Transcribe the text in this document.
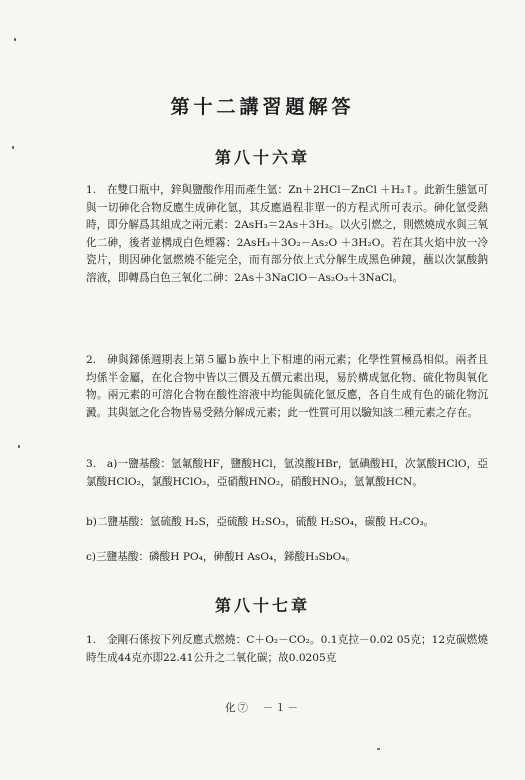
第十二講習題解答
第八十六章

1.　在雙口瓶中，鋅與鹽酸作用而產生氫：Zn＋2HCl－ZnCl ＋H₂↑。此新生態氫可與一切砷化合物反應生成砷化氫，其反應過程非單一的方程式所可表示。砷化氫受熱時，即分解爲其組成之兩元素：2AsH₃＝2As＋3H₂。以火引燃之，則燃燒成水與三氧化二砷，後者並構成白色煙霧：2AsH₃＋3O₂－As₂O ＋3H₂O。若在其火焰中放一冷瓷片，則因砷化氫燃燒不能完全，而有部分依上式分解生成黑色砷鏡，蘸以次氯酸鈉溶液，即轉爲白色三氧化二砷：2As＋3NaClO－As₂O₃＋3NaCl。

2.　砷與銻係週期表上第５屬ｂ族中上下相連的兩元素；化學性質極爲相似。兩者且均係半金屬，在化合物中皆以三價及五價元素出現，易於構成氫化物、硫化物與氧化物。兩元素的可溶化合物在酸性溶液中均能與硫化氫反應，各自生成有色的硫化物沉澱。其與氫之化合物皆易受熱分解成元素；此一性質可用以驗知該二種元素之存在。

3.　a)一鹽基酸：氫氟酸HF，鹽酸HCl，氫溴酸HBr，氫碘酸HI，次氯酸HClO，亞氯酸HClO₂，氯酸HClO₃，亞硝酸HNO₂，硝酸HNO₃，氫氰酸HCN。

b)二鹽基酸：氫硫酸 H₂S，亞硫酸 H₂SO₃，硫酸 H₂SO₄，碳酸 H₂CO₃。

c)三鹽基酸：磷酸H PO₄，砷酸H AsO₄，銻酸H₃SbO₄。

第八十七章

1.　金剛石係按下列反應式燃燒：C＋O₂－CO₂。0.1克拉－0.02 05克；12克碳燃燒時生成44克亦即22.41公升之二氧化碳；故0.0205克

化⑦　－１－
